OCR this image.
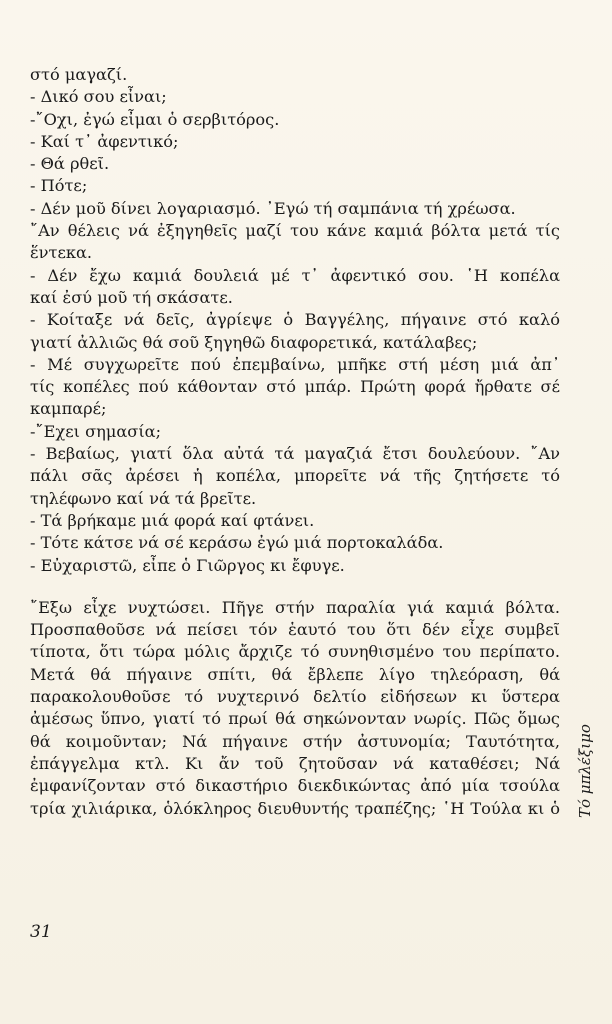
στό μαγαζί.
- Δικό σου εἶναι;
-῎Οχι, ἐγώ εἶμαι ὁ σερβιτόρος.
- Καί τ᾿ ἀφεντικό;
- Θά ρθεῖ.
- Πότε;
- Δέν μοῦ δίνει λογαριασμό. ᾿Εγώ τή σαμπάνια τή χρέωσα.
῎Αν θέλεις νά ἐξηγηθεῖς μαζί του κάνε καμιά βόλτα μετά τίς
ἕντεκα.
- Δέν ἔχω καμιά δουλειά μέ τ᾿ ἀφεντικό σου. ῾Η κοπέλα
καί ἐσύ μοῦ τή σκάσατε.
- Κοίταξε νά δεῖς, ἀγρίεψε ὁ Βαγγέλης, πήγαινε στό καλό
γιατί ἀλλιῶς θά σοῦ ξηγηθῶ διαφορετικά, κατάλαβες;
- Μέ συγχωρεῖτε πού ἐπεμβαίνω, μπῆκε στή μέση μιά ἀπ᾿
τίς κοπέλες πού κάθονταν στό μπάρ. Πρώτη φορά ἤρθατε σέ
καμπαρέ;
-῎Εχει σημασία;
- Βεβαίως, γιατί ὅλα αὐτά τά μαγαζιά ἔτσι δουλεύουν. ῎Αν
πάλι σᾶς ἀρέσει ἡ κοπέλα, μπορεῖτε νά τῆς ζητήσετε τό
τηλέφωνο καί νά τά βρεῖτε.
- Τά βρήκαμε μιά φορά καί φτάνει.
- Τότε κάτσε νά σέ κεράσω ἐγώ μιά πορτοκαλάδα.
- Εὐχαριστῶ, εἶπε ὁ Γιῶργος κι ἔφυγε.
῎Εξω εἶχε νυχτώσει. Πῆγε στήν παραλία γιά καμιά βόλτα.
Προσπαθοῦσε νά πείσει τόν ἑαυτό του ὅτι δέν εἶχε συμβεῖ
τίποτα, ὅτι τώρα μόλις ἄρχιζε τό συνηθισμένο του περίπατο.
Μετά θά πήγαινε σπίτι, θά ἔβλεπε λίγο τηλεόραση, θά
παρακολουθοῦσε τό νυχτερινό δελτίο εἰδήσεων κι ὕστερα
ἀμέσως ὕπνο, γιατί τό πρωί θά σηκώνονταν νωρίς. Πῶς ὅμως
θά κοιμοῦνταν; Νά πήγαινε στήν ἀστυνομία; Ταυτότητα,
ἐπάγγελμα κτλ. Κι ἄν τοῦ ζητοῦσαν νά καταθέσει; Νά
ἐμφανίζονταν στό δικαστήριο διεκδικώντας ἀπό μία τσούλα
τρία χιλιάρικα, ὁλόκληρος διευθυντής τραπέζης; ῾Η Τούλα κι ὁ
31
Τό μπλέξιμο
